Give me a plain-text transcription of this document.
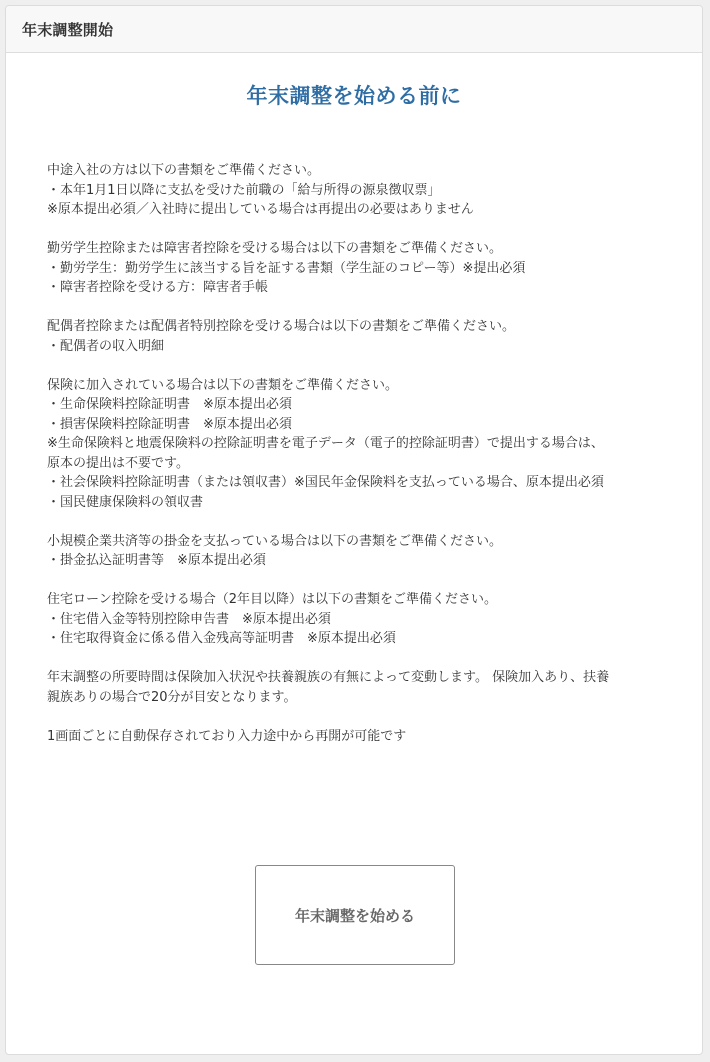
年末調整開始
年末調整を始める前に

中途入社の方は以下の書類をご準備ください。
・本年1月1日以降に支払を受けた前職の「給与所得の源泉徴収票」
※原本提出必須／入社時に提出している場合は再提出の必要はありません

勤労学生控除または障害者控除を受ける場合は以下の書類をご準備ください。
・勤労学生：勤労学生に該当する旨を証する書類（学生証のコピー等）※提出必須
・障害者控除を受ける方：障害者手帳

配偶者控除または配偶者特別控除を受ける場合は以下の書類をご準備ください。
・配偶者の収入明細

保険に加入されている場合は以下の書類をご準備ください。
・生命保険料控除証明書　※原本提出必須
・損害保険料控除証明書　※原本提出必須
※生命保険料と地震保険料の控除証明書を電子データ（電子的控除証明書）で提出する場合は、
原本の提出は不要です。
・社会保険料控除証明書（または領収書）※国民年金保険料を支払っている場合、原本提出必須
・国民健康保険料の領収書

小規模企業共済等の掛金を支払っている場合は以下の書類をご準備ください。
・掛金払込証明書等　※原本提出必須

住宅ローン控除を受ける場合（2年目以降）は以下の書類をご準備ください。
・住宅借入金等特別控除申告書　※原本提出必須
・住宅取得資金に係る借入金残高等証明書　※原本提出必須

年末調整の所要時間は保険加入状況や扶養親族の有無によって変動します。 保険加入あり、扶養
親族ありの場合で20分が目安となります。

1画面ごとに自動保存されており入力途中から再開が可能です

年末調整を始める
